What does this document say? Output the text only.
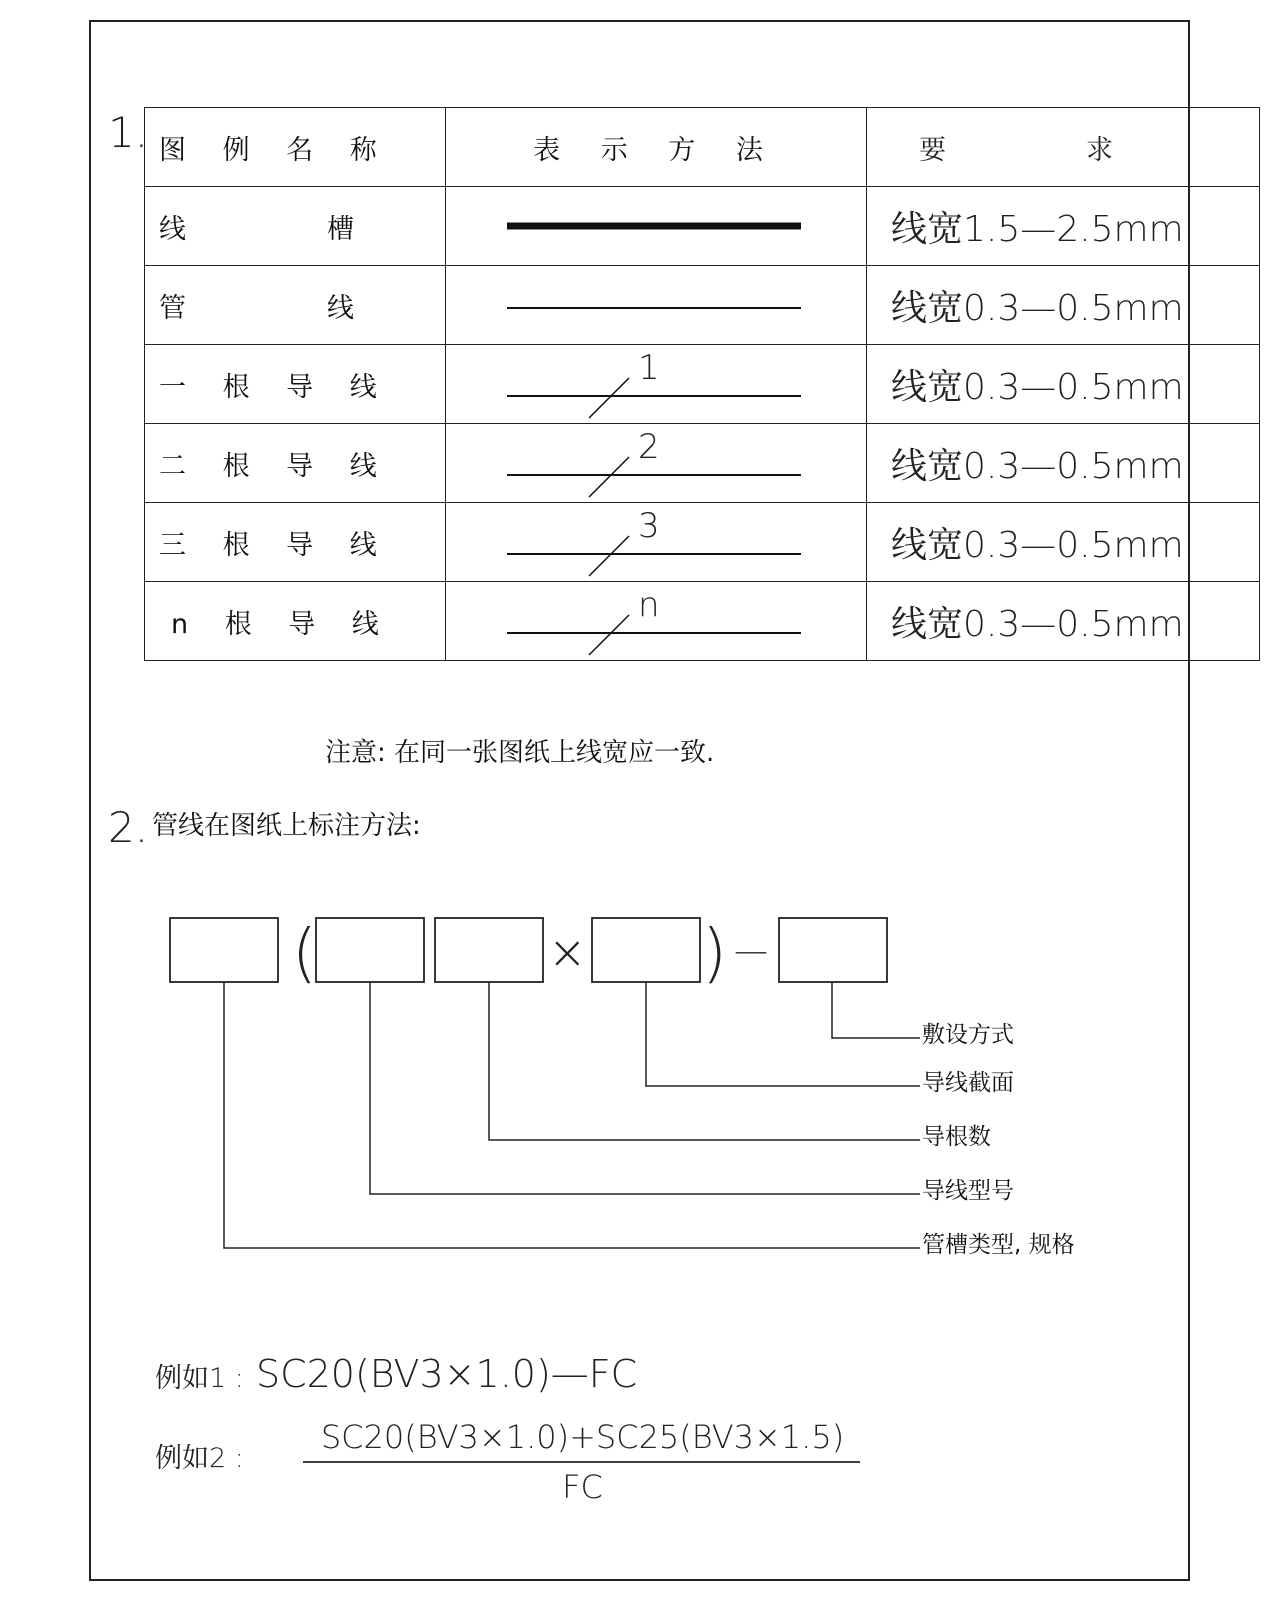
1. 图 例 名 称	表 示 方 法	要 求

线 槽		线宽1.5—2.5mm

管 线		线宽0.3—0.5mm
一 根 导 线	1	线宽0.3—0.5mm
二 根 导 线	2	线宽0.3—0.5mm
三 根 导 线	3	线宽0.3—0.5mm
n 根 导 线	n	线宽0.3—0.5mm
注意: 在同一张图纸上线宽应一致.
2. 管线在图纸上标注方法:
(	× ) —
敷设方式
导线截面
导根数
导线型号
管槽类型, 规格
例如1 : SC20(BV3×1.0)—FC
例如2 :
SC20(BV3×1.0)+SC25(BV3×1.5)
FC
